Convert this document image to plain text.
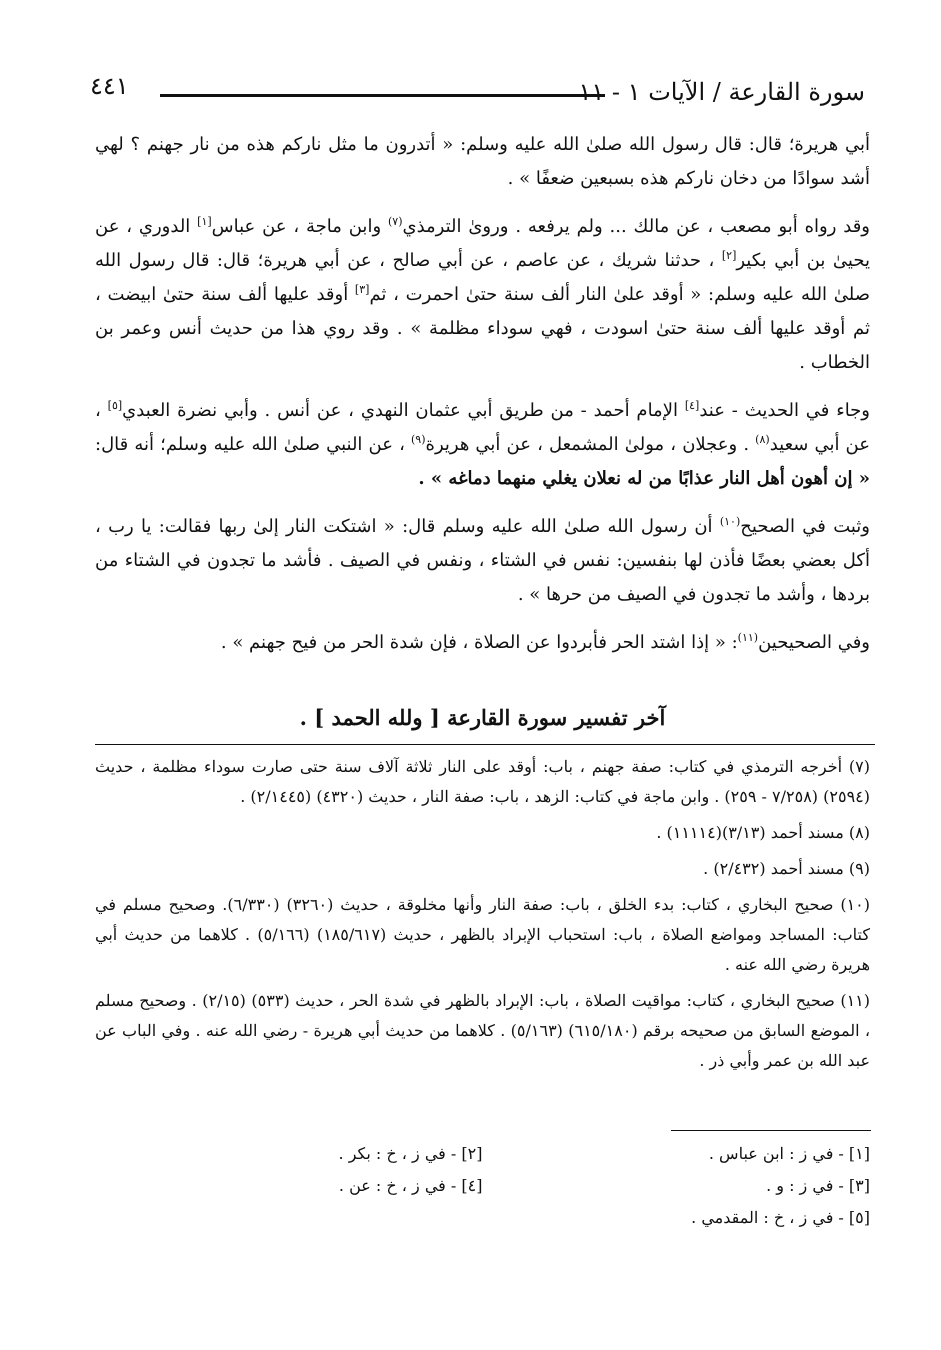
سورة القارعة / الآيات ١ - ١١
٤٤١

أبي هريرة؛ قال: قال رسول الله صلىٰ الله عليه وسلم: « أتدرون ما مثل ناركم هذه من نار جهنم ؟ لهي أشد سوادًا من دخان ناركم هذه بسبعين ضعفًا » .

وقد رواه أبو مصعب ، عن مالك ... ولم يرفعه . وروىٰ الترمذي$^{(٧)}$ وابن ماجة ، عن عباس[١] الدوري ، عن يحيىٰ بن أبي بكير[٢] ، حدثنا شريك ، عن عاصم ، عن أبي صالح ، عن أبي هريرة؛ قال: قال رسول الله صلىٰ الله عليه وسلم: « أوقد علىٰ النار ألف سنة حتىٰ احمرت ، ثم[٣] أوقد عليها ألف سنة حتىٰ ابيضت ، ثم أوقد عليها ألف سنة حتىٰ اسودت ، فهي سوداء مظلمة » . وقد روي هذا من حديث أنس وعمر بن الخطاب .

وجاء في الحديث - عند[٤] الإمام أحمد - من طريق أبي عثمان النهدي ، عن أنس . وأبي نضرة العبدي[٥] ، عن أبي سعيد$^{(٨)}$ . وعجلان ، مولىٰ المشمعل ، عن أبي هريرة$^{(٩)}$ ، عن النبي صلىٰ الله عليه وسلم؛ أنه قال: « إن أهون أهل النار عذابًا من له نعلان يغلي منهما دماغه » .

وثبت في الصحيح$^{(١٠)}$ أن رسول الله صلىٰ الله عليه وسلم قال: « اشتكت النار إلىٰ ربها فقالت: يا رب ، أكل بعضي بعضًا فأذن لها بنفسين: نفس في الشتاء ، ونفس في الصيف . فأشد ما تجدون في الشتاء من بردها ، وأشد ما تجدون في الصيف من حرها » .

وفي الصحيحين$^{(١١)}$: « إذا اشتد الحر فأبردوا عن الصلاة ، فإن شدة الحر من فيح جهنم » .

آخر تفسير سورة القارعة [ ولله الحمد ] .

(٧) أخرجه الترمذي في كتاب: صفة جهنم ، باب: أوقد على النار ثلاثة آلاف سنة حتى صارت سوداء مظلمة ، حديث (٢٥٩٤) (٧/٢٥٨ - ٢٥٩) . وابن ماجة في كتاب: الزهد ، باب: صفة النار ، حديث (٤٣٢٠) (٢/١٤٤٥) .

(٨) مسند أحمد (٣/١٣)(١١١١٤) .

(٩) مسند أحمد (٢/٤٣٢) .

(١٠) صحيح البخاري ، كتاب: بدء الخلق ، باب: صفة النار وأنها مخلوقة ، حديث (٣٢٦٠) (٦/٣٣٠). وصحيح مسلم في كتاب: المساجد ومواضع الصلاة ، باب: استحباب الإبراد بالظهر ، حديث (١٨٥/٦١٧) (٥/١٦٦) . كلاهما من حديث أبي هريرة رضي الله عنه .

(١١) صحيح البخاري ، كتاب: مواقيت الصلاة ، باب: الإبراد بالظهر في شدة الحر ، حديث (٥٣٣) (٢/١٥) . وصحيح مسلم ، الموضع السابق من صحيحه برقم (٦١٥/١٨٠) (٥/١٦٣) . كلاهما من حديث أبي هريرة - رضي الله عنه . وفي الباب عن عبد الله بن عمر وأبي ذر .

[١] - في ز : ابن عباس .
[٢] - في ز ، خ : بكر .
[٣] - في ز : و .
[٤] - في ز ، خ : عن .
[٥] - في ز ، خ : المقدمي .
